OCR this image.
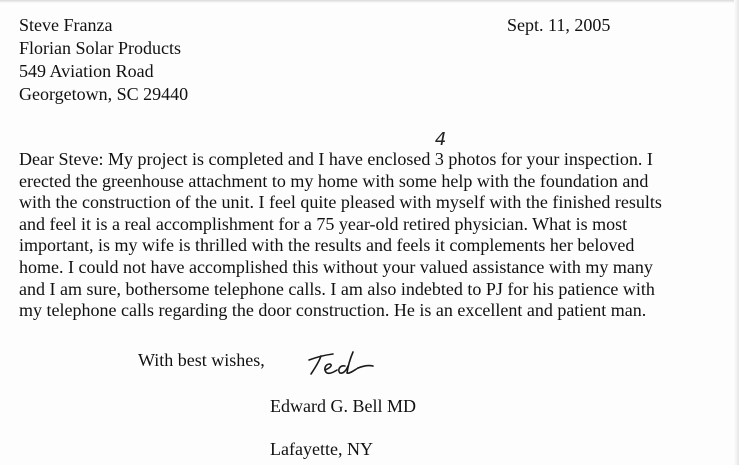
Steve Franza
Florian Solar Products
549 Aviation Road
Georgetown, SC 29440
Sept. 11, 2005
Dear Steve: My project is completed and I have enclosed
4
3 photos for your inspection. I
erected the greenhouse attachment to my home with some help with the foundation and
with the construction of the unit. I feel quite pleased with myself with the finished results
and feel it is a real accomplishment for a 75 year-old retired physician. What is most
important, is my wife is thrilled with the results and feels it complements her beloved
home. I could not have accomplished this without your valued assistance with my many
and I am sure, bothersome telephone calls. I am also indebted to PJ for his patience with
my telephone calls regarding the door construction. He is an excellent and patient man.
With best wishes,
Edward G. Bell MD
Lafayette, NY
